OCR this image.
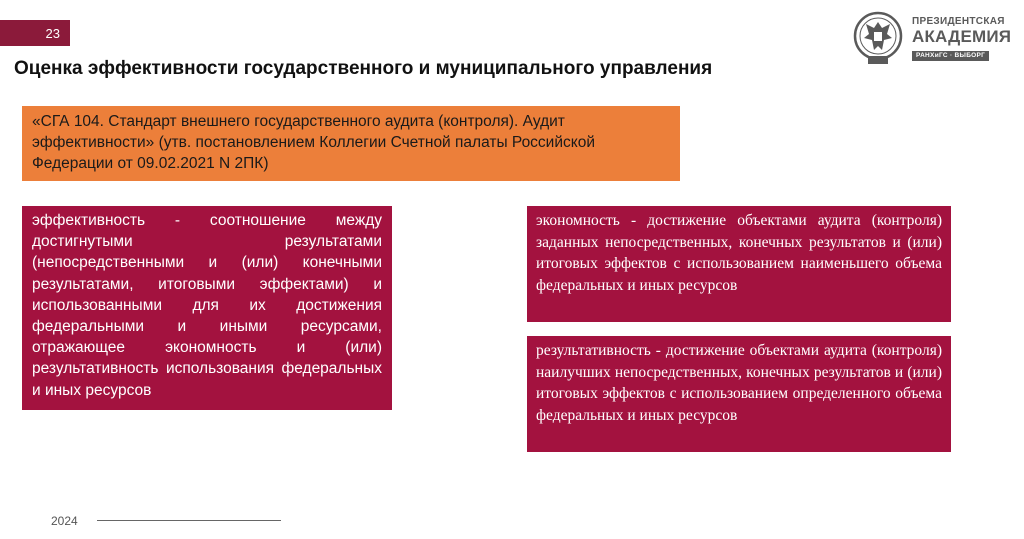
23
ПРЕЗИДЕНТСКАЯ
АКАДЕМИЯ
РАНХиГС · ВЫБОРГ
Оценка эффективности государственного и муниципального управления
«СГА 104. Стандарт внешнего государственного аудита (контроля). Аудит эффективности» (утв. постановлением Коллегии Счетной палаты Российской Федерации от 09.02.2021 N 2ПК)
эффективность - соотношение между достигнутыми результатами (непосредственными и (или) конечными результатами, итоговыми эффектами) и использованными для их достижения федеральными и иными ресурсами, отражающее экономность и (или) результативность использования федеральных и иных ресурсов
экономность - достижение объектами аудита (контроля) заданных непосредственных, конечных результатов и (или) итоговых эффектов с использованием наименьшего объема федеральных и иных ресурсов
результативность - достижение объектами аудита (контроля) наилучших непосредственных, конечных результатов и (или) итоговых эффектов с использованием определенного объема федеральных и иных ресурсов
2024
